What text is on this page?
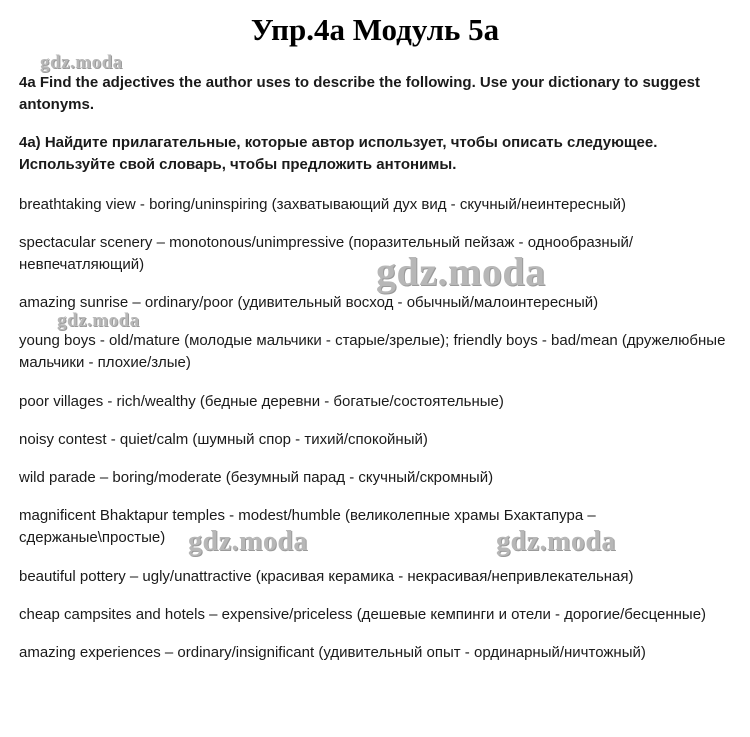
Упр.4а Модуль 5а
4a Find the adjectives the author uses to describe the following. Use your dictionary to suggest antonyms.
4а) Найдите прилагательные, которые автор использует, чтобы описать следующее. Используйте свой словарь, чтобы предложить антонимы.
breathtaking view - boring/uninspiring (захватывающий дух вид - скучный/неинтересный)
spectacular scenery – monotonous/unimpressive (поразительный пейзаж - однообразный/невпечатляющий)
amazing sunrise – ordinary/poor (удивительный восход - обычный/малоинтересный)
young boys - old/mature (молодые мальчики - старые/зрелые); friendly boys - bad/mean (дружелюбные мальчики - плохие/злые)
poor villages - rich/wealthy (бедные деревни - богатые/состоятельные)
noisy contest - quiet/calm (шумный спор - тихий/спокойный)
wild parade – boring/moderate (безумный парад - скучный/скромный)
magnificent Bhaktapur temples - modest/humble (великолепные храмы Бхактапура – сдержаные\простые)
beautiful pottery – ugly/unattractive (красивая керамика - некрасивая/непривлекательная)
cheap campsites and hotels – expensive/priceless (дешевые кемпинги и отели - дорогие/бесценные)
amazing experiences – ordinary/insignificant (удивительный опыт - ординарный/ничтожный)
gdz.moda
gdz.moda
gdz.moda
gdz.moda	gdz.moda
